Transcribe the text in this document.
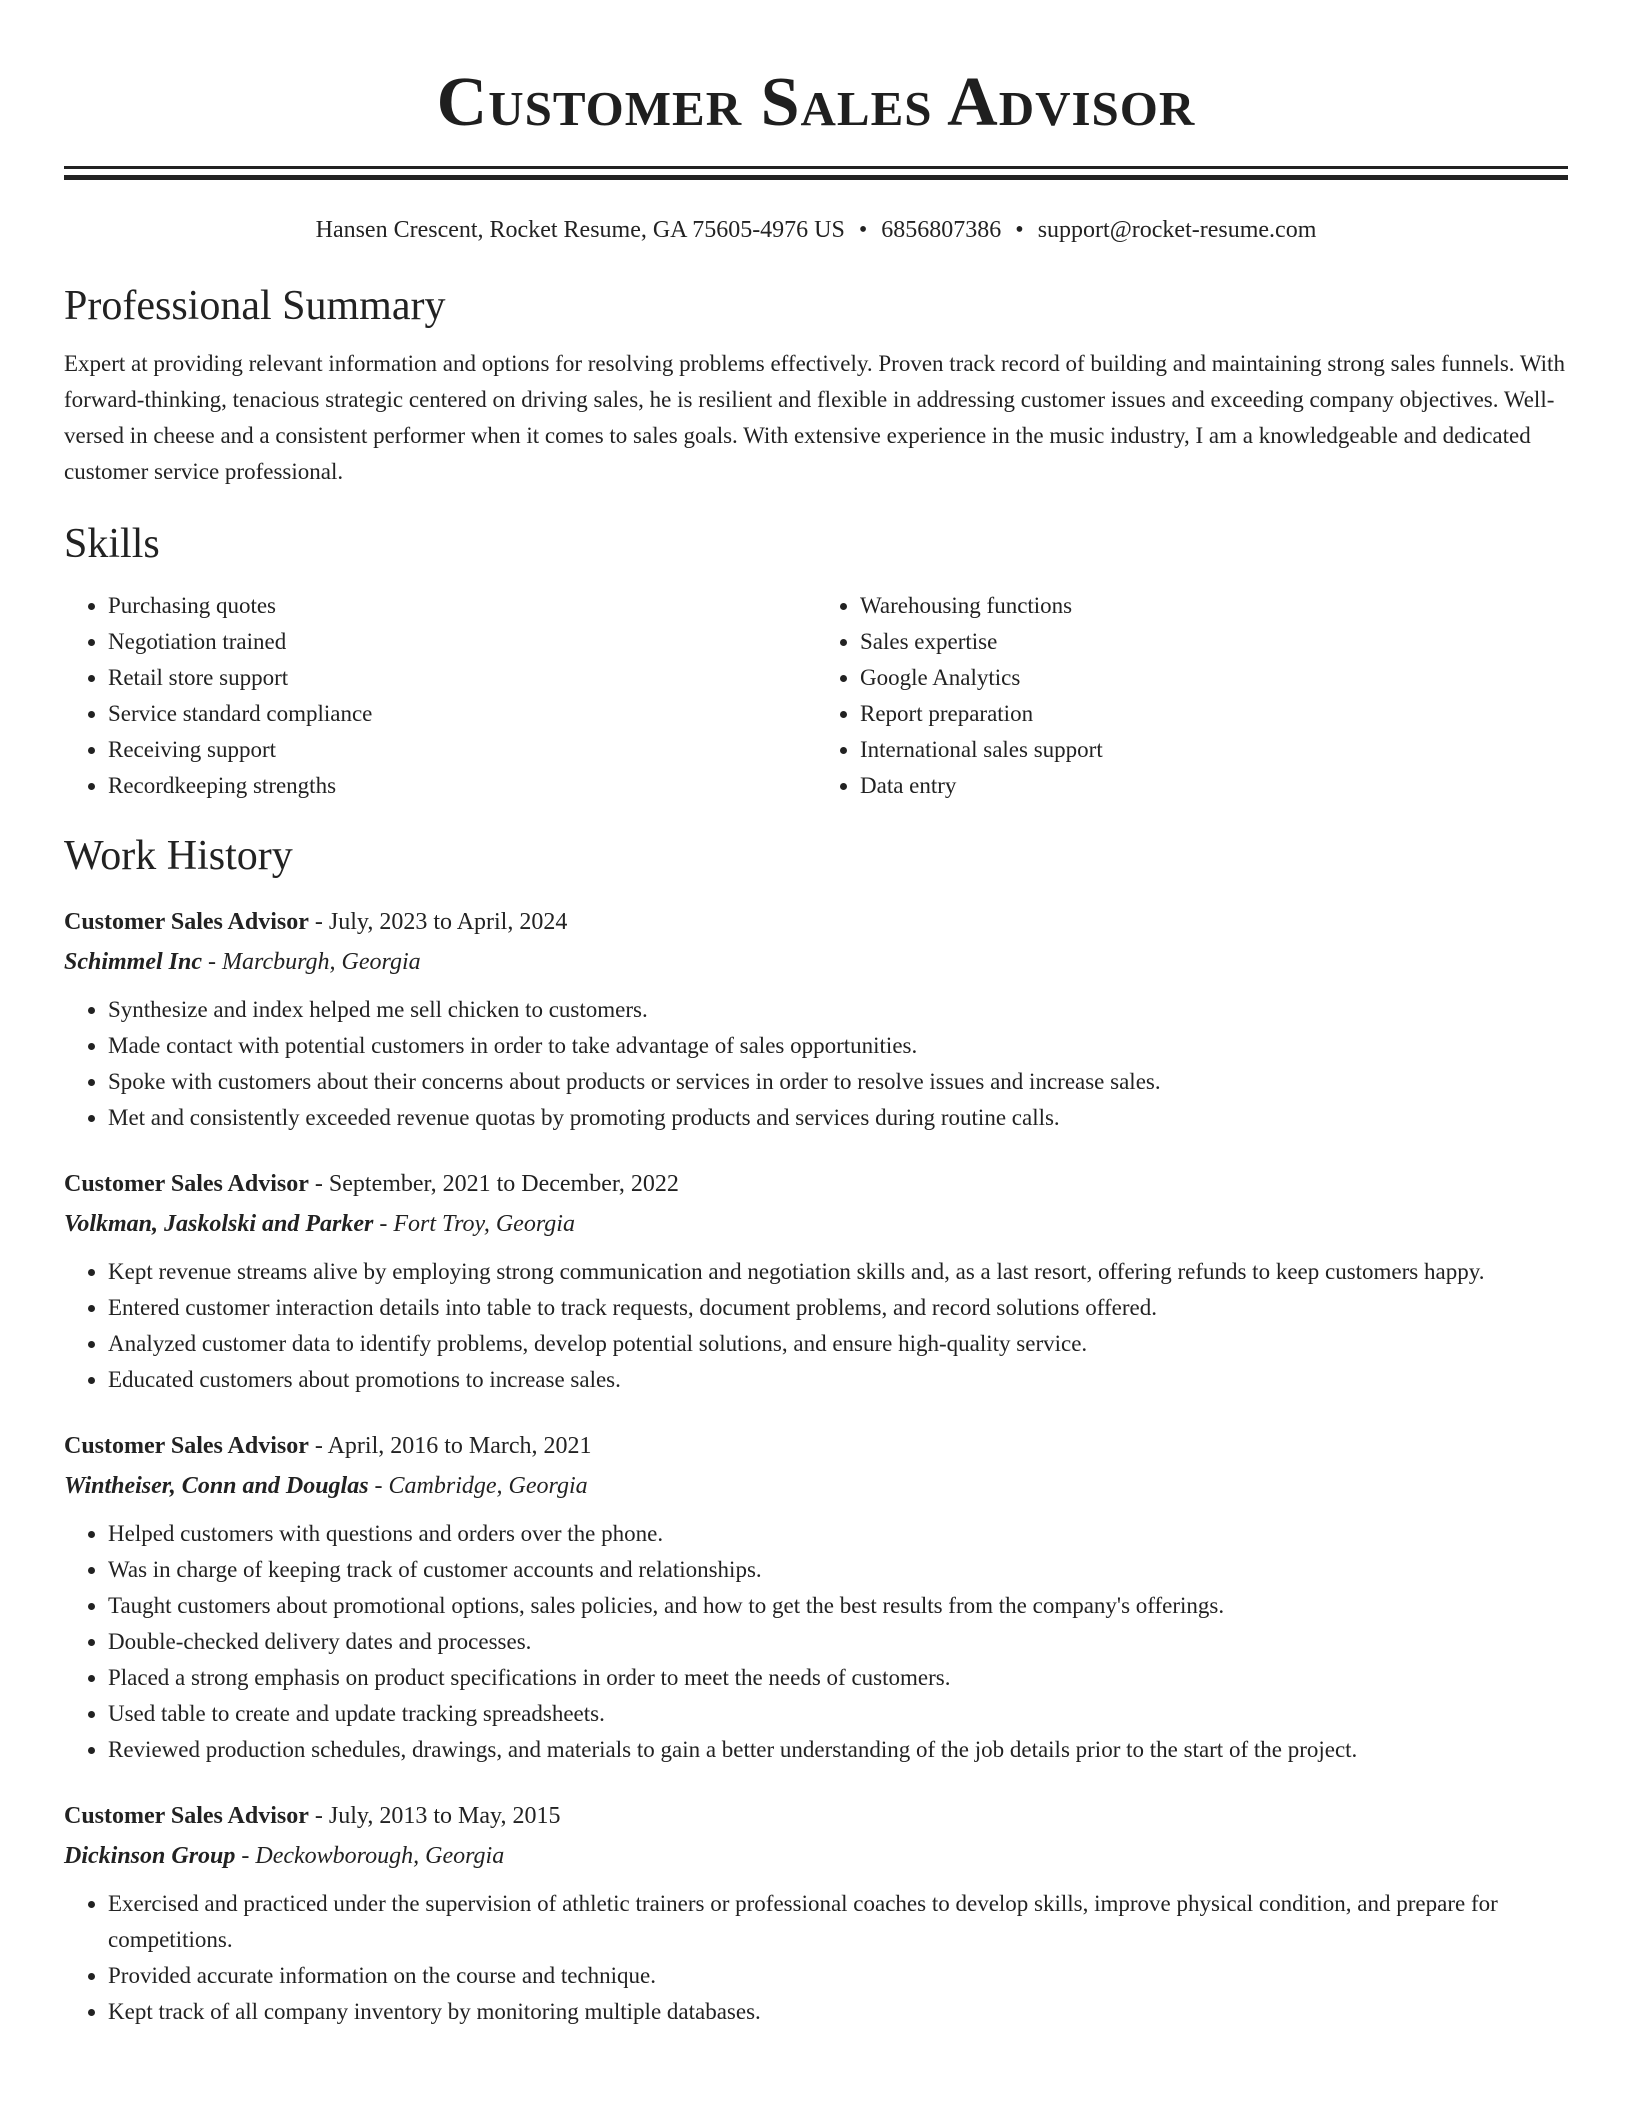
Customer Sales Advisor
Hansen Crescent, Rocket Resume, GA 75605-4976 US • 6856807386 • support@rocket-resume.com
Professional Summary

Expert at providing relevant information and options for resolving problems effectively. Proven track record of building and maintaining strong sales funnels. With forward-thinking, tenacious strategic centered on driving sales, he is resilient and flexible in addressing customer issues and exceeding company objectives. Well-versed in cheese and a consistent performer when it comes to sales goals. With extensive experience in the music industry, I am a knowledgeable and dedicated customer service professional.

Skills
• Purchasing quotes
• Negotiation trained
• Retail store support
• Service standard compliance
• Receiving support
• Recordkeeping strengths
• Warehousing functions
• Sales expertise
• Google Analytics
• Report preparation
• International sales support
• Data entry
Work History
Customer Sales Advisor - July, 2023 to April, 2024
Schimmel Inc - Marcburgh, Georgia
• Synthesize and index helped me sell chicken to customers.
• Made contact with potential customers in order to take advantage of sales opportunities.
• Spoke with customers about their concerns about products or services in order to resolve issues and increase sales.
• Met and consistently exceeded revenue quotas by promoting products and services during routine calls.
Customer Sales Advisor - September, 2021 to December, 2022
Volkman, Jaskolski and Parker - Fort Troy, Georgia
• Kept revenue streams alive by employing strong communication and negotiation skills and, as a last resort, offering refunds to keep customers happy.
• Entered customer interaction details into table to track requests, document problems, and record solutions offered.
• Analyzed customer data to identify problems, develop potential solutions, and ensure high-quality service.
• Educated customers about promotions to increase sales.
Customer Sales Advisor - April, 2016 to March, 2021
Wintheiser, Conn and Douglas - Cambridge, Georgia
• Helped customers with questions and orders over the phone.
• Was in charge of keeping track of customer accounts and relationships.
• Taught customers about promotional options, sales policies, and how to get the best results from the company's offerings.
• Double-checked delivery dates and processes.
• Placed a strong emphasis on product specifications in order to meet the needs of customers.
• Used table to create and update tracking spreadsheets.
• Reviewed production schedules, drawings, and materials to gain a better understanding of the job details prior to the start of the project.
Customer Sales Advisor - July, 2013 to May, 2015
Dickinson Group - Deckowborough, Georgia
• Exercised and practiced under the supervision of athletic trainers or professional coaches to develop skills, improve physical condition, and prepare for competitions.
• Provided accurate information on the course and technique.
• Kept track of all company inventory by monitoring multiple databases.
